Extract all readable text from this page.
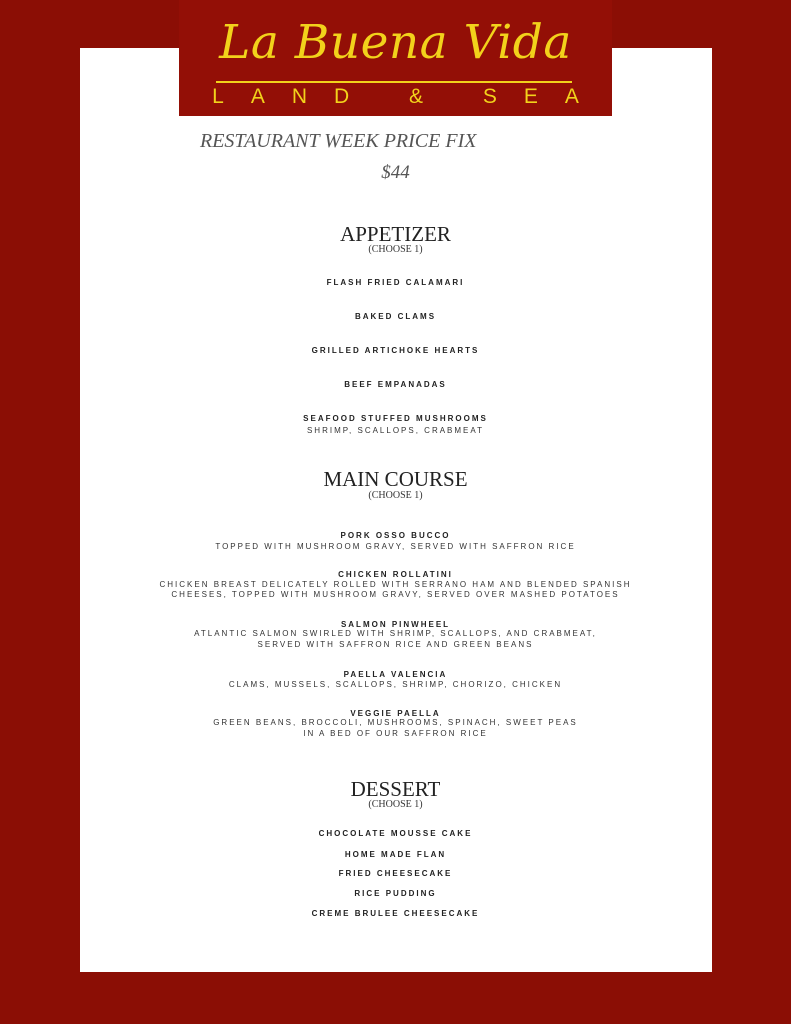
La Buena Vida
LAND & SEA
RESTAURANT WEEK PRICE FIX
$44
APPETIZER
(CHOOSE 1)
FLASH FRIED CALAMARI
BAKED CLAMS
GRILLED ARTICHOKE HEARTS
BEEF EMPANADAS
SEAFOOD STUFFED MUSHROOMS
SHRIMP, SCALLOPS, CRABMEAT
MAIN COURSE
(CHOOSE 1)
PORK OSSO BUCCO
TOPPED WITH MUSHROOM GRAVY, SERVED WITH SAFFRON RICE
CHICKEN ROLLATINI
CHICKEN BREAST DELICATELY ROLLED WITH SERRANO HAM AND BLENDED SPANISH
CHEESES, TOPPED WITH MUSHROOM GRAVY, SERVED OVER MASHED POTATOES
SALMON PINWHEEL
ATLANTIC SALMON SWIRLED WITH SHRIMP, SCALLOPS, AND CRABMEAT,
SERVED WITH SAFFRON RICE AND GREEN BEANS
PAELLA VALENCIA
CLAMS, MUSSELS, SCALLOPS, SHRIMP, CHORIZO, CHICKEN
VEGGIE PAELLA
GREEN BEANS, BROCCOLI, MUSHROOMS, SPINACH, SWEET PEAS
IN A BED OF OUR SAFFRON RICE
DESSERT
(CHOOSE 1)
CHOCOLATE MOUSSE CAKE
HOME MADE FLAN
FRIED CHEESECAKE
RICE PUDDING
CREME BRULEE CHEESECAKE
